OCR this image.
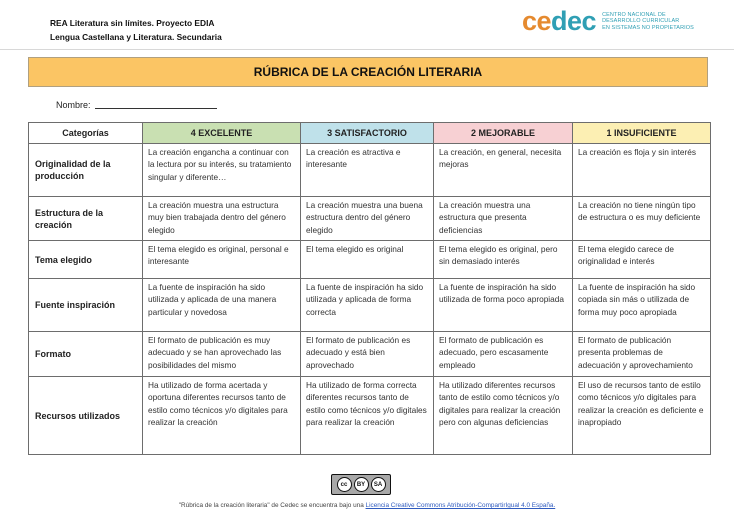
REA Literatura sin límites. Proyecto EDIA
Lengua Castellana y Literatura. Secundaria
cedec CENTRO NACIONAL DE
DESARROLLO CURRICULAR
EN SISTEMAS NO PROPIETARIOS
RÚBRICA DE LA CREACIÓN LITERARIA
Nombre:
Categorías	4 EXCELENTE	3 SATISFACTORIO	2 MEJORABLE	1 INSUFICIENTE
Originalidad de la producción	La creación engancha a continuar con la lectura por su interés, su tratamiento singular y diferente…	La creación es atractiva e interesante	La creación, en general, necesita mejoras	La creación es floja y sin interés
Estructura de la creación	La creación muestra una estructura muy bien trabajada dentro del género elegido	La creación muestra una buena estructura dentro del género elegido	La creación muestra una estructura que presenta deficiencias	La creación no tiene ningún tipo de estructura o es muy deficiente
Tema elegido	El tema elegido es original, personal e interesante	El tema elegido es original	El tema elegido es original, pero sin demasiado interés	El tema elegido carece de originalidad e interés
Fuente inspiración	La fuente de inspiración ha sido utilizada y aplicada de una manera particular y novedosa	La fuente de inspiración ha sido utilizada y aplicada de forma correcta	La fuente de inspiración ha sido utilizada de forma poco apropiada	La fuente de inspiración ha sido copiada sin más o utilizada de forma muy poco apropiada
Formato	El formato de publicación es muy adecuado y se han aprovechado las posibilidades del mismo	El formato de publicación es adecuado y está bien aprovechado	El formato de publicación es adecuado, pero escasamente empleado	El formato de publicación presenta problemas de adecuación y aprovechamiento
Recursos utilizados	Ha utilizado de forma acertada y oportuna diferentes recursos tanto de estilo como técnicos y/o digitales para realizar la creación	Ha utilizado de forma correcta diferentes recursos tanto de estilo como técnicos y/o digitales para realizar la creación	Ha utilizado diferentes recursos tanto de estilo como técnicos y/o digitales para realizar la creación pero con algunas deficiencias	El uso de recursos tanto de estilo como técnicos y/o digitales para realizar la creación es deficiente e inapropiado
cc	BY	SA
"Rúbrica de la creación literaria" de Cedec se encuentra bajo una Licencia Creative Commons Atribución-CompartirIgual 4.0 España.
